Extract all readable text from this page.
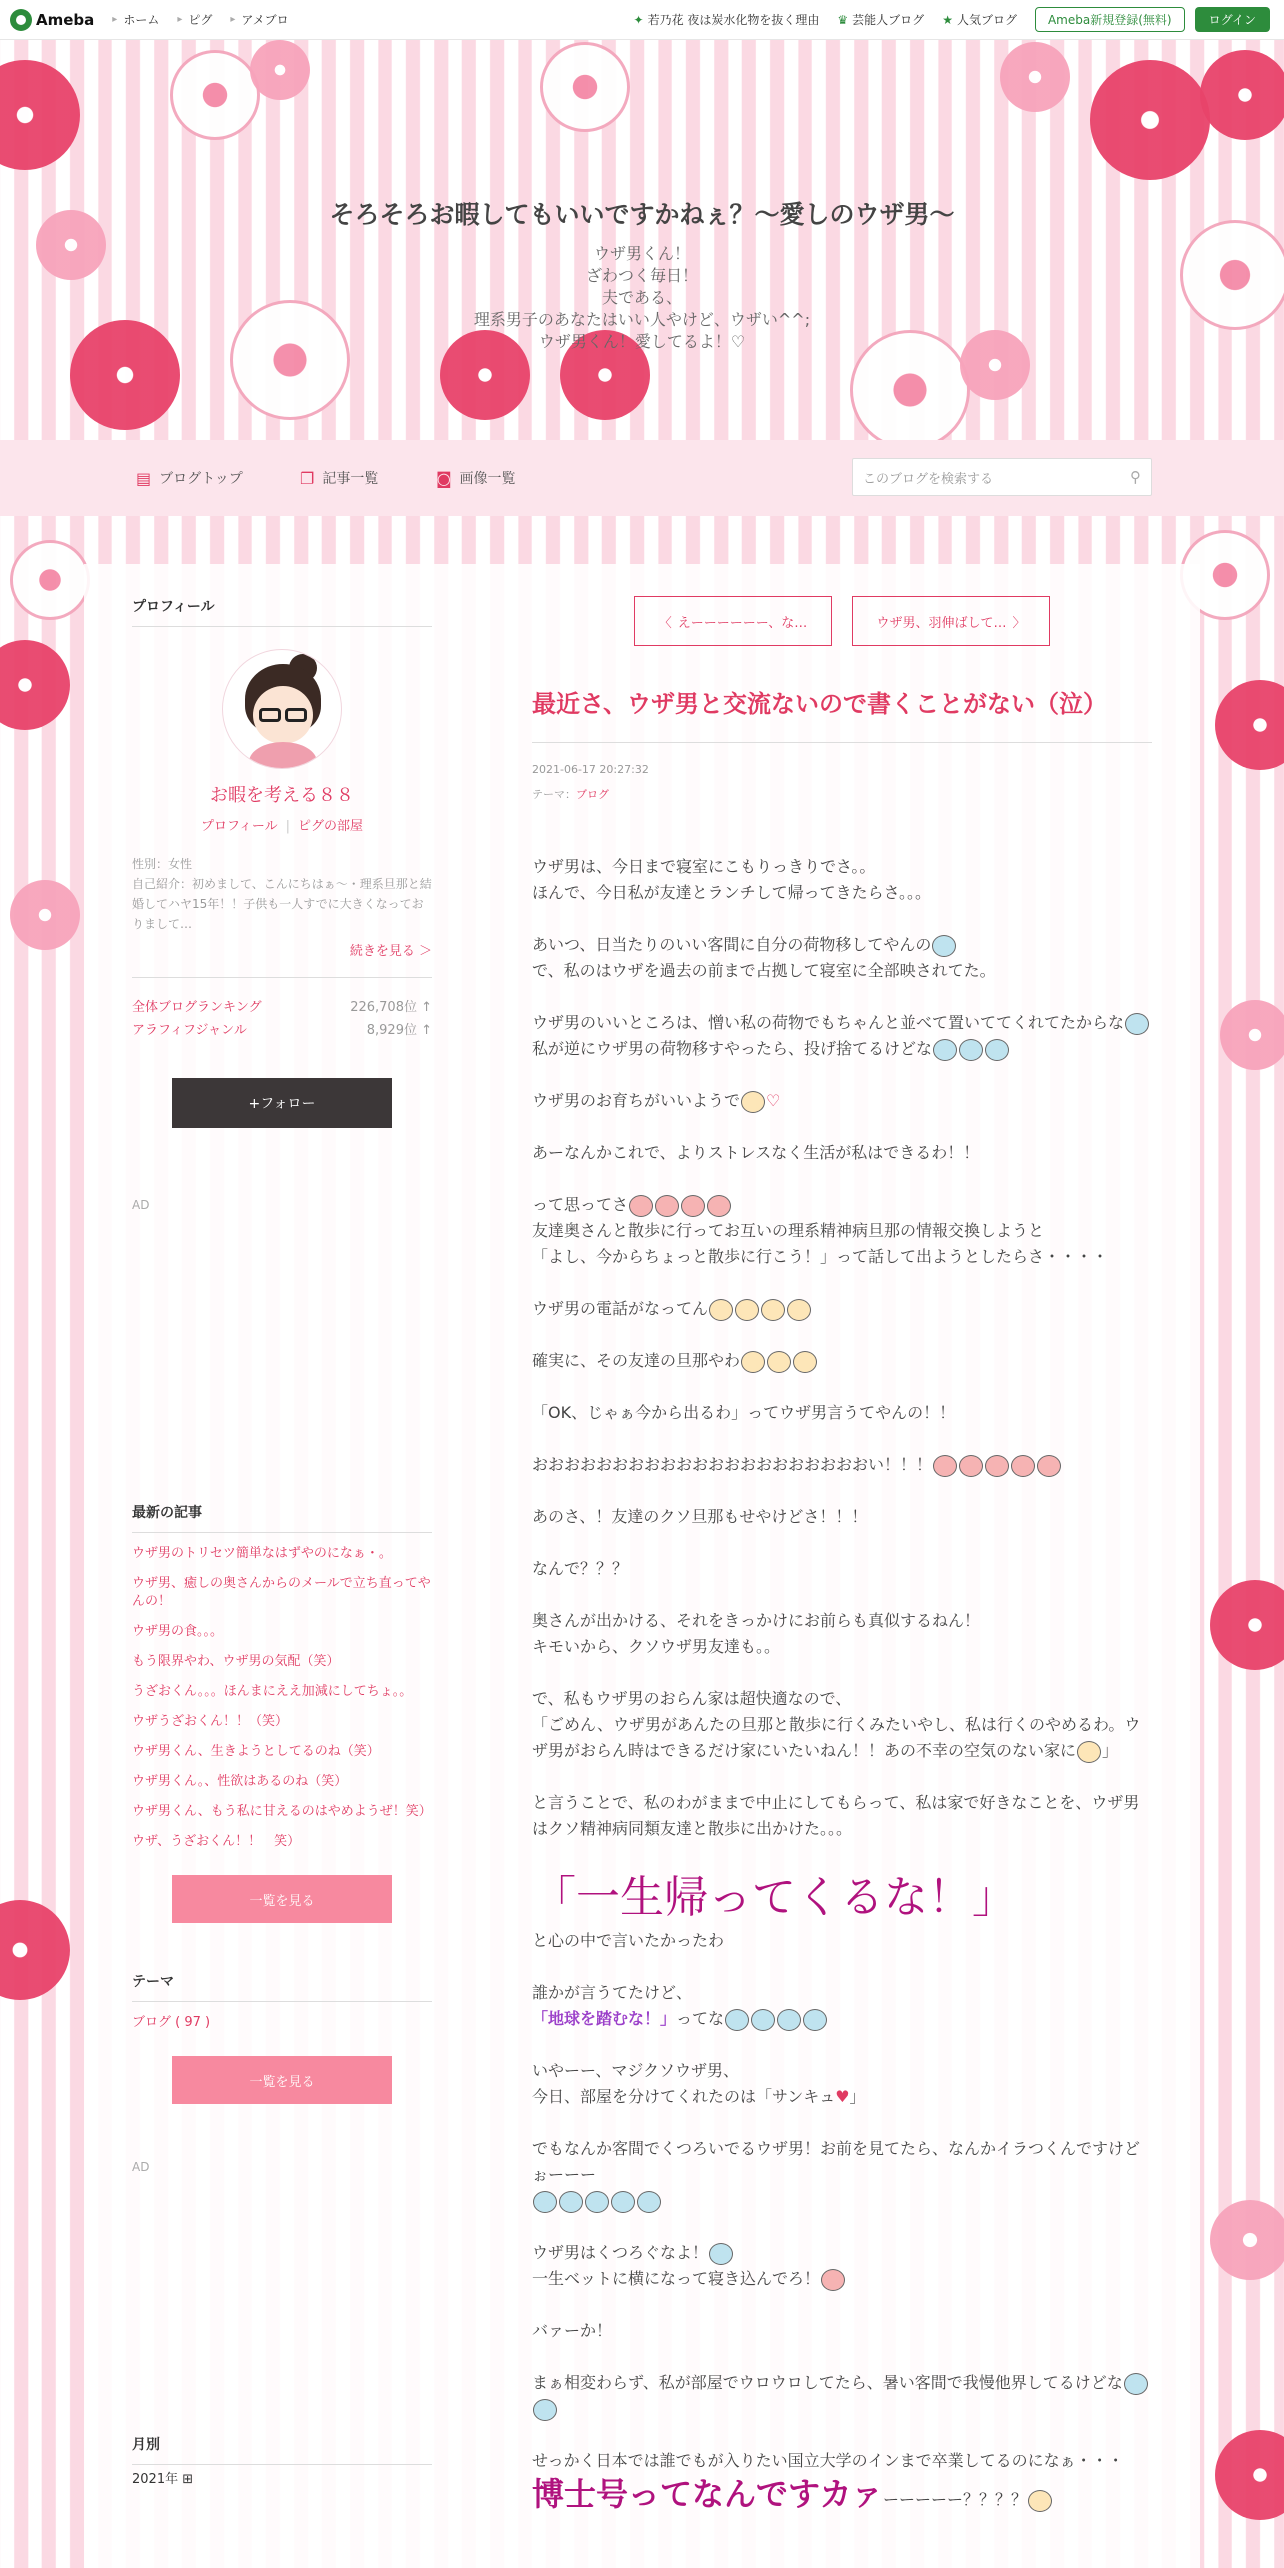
Ameba	▸ ホーム	▸ ピグ	▸ アメブロ	✦ 若乃花 夜は炭水化物を抜く理由 ♛ 芸能人ブログ ★ 人気ブログ	Ameba新規登録(無料)	ログイン
そろそろお暇してもいいですかねぇ？〜愛しのウザ男〜
ウザ男くん！
ざわつく毎日！
夫である、
理系男子のあなたはいい人やけど、ウザい^^;
ウザ男くん！愛してるよ！♡
▤ ブログトップ	❐ 記事一覧	◙ 画像一覧	このブログを検索する	⚲
プロフィール
お暇を考える８８
プロフィール | ピグの部屋
性別：女性
自己紹介：初めまして、こんにちはぁ〜・理系旦那と結婚してハヤ15年！！子供も一人すでに大きくなっておりまして…
続きを見る ＞
全体ブログランキング	226,708位 ↑
アラフィフジャンル	8,929位 ↑
+フォロー
AD
最新の記事
ウザ男のトリセツ簡単なはずやのになぁ・。
ウザ男、癒しの奥さんからのメールで立ち直ってやんの！
ウザ男の食。。。
もう限界やわ、ウザ男の気配（笑）
うざおくん。。。ほんまにええ加減にしてちょ。。
ウザうざおくん！！（笑）
ウザ男くん、生きようとしてるのね（笑）
ウザ男くん。、性欲はあるのね（笑）
ウザ男くん、もう私に甘えるのはやめようぜ！笑）
ウザ、うざおくん！！　笑）
一覧を見る
テーマ
ブログ ( 97 )
一覧を見る
AD
月別
2021年 ⊞
〈 えーーーーーー、な…	ウザ男、羽伸ばして… 〉
最近さ、ウザ男と交流ないので書くことがない（泣）
2021-06-17 20:27:32
テーマ：ブログ

ウザ男は、今日まで寝室にこもりっきりでさ。。
ほんで、今日私が友達とランチして帰ってきたらさ。。。

あいつ、日当たりのいい客間に自分の荷物移してやんの
で、私のはウザを過去の前まで占拠して寝室に全部映されてた。

ウザ男のいいところは、憎い私の荷物でもちゃんと並べて置いててくれてたからな
私が逆にウザ男の荷物移すやったら、投げ捨てるけどな

ウザ男のお育ちがいいようで ♡

あーなんかこれで、よりストレスなく生活が私はできるわ！！

って思ってさ
友達奥さんと散歩に行ってお互いの理系精神病旦那の情報交換しようと
「よし、今からちょっと散歩に行こう！」って話して出ようとしたらさ・・・・

ウザ男の電話がなってん

確実に、その友達の旦那やわ

「OK、じゃぁ今から出るわ」ってウザ男言うてやんの！！

おおおおおおおおおおおおおおおおおおおおおい！！！

あのさ、！友達のクソ旦那もせやけどさ！！！

なんで？？？

奥さんが出かける、それをきっかけにお前らも真似するねん！
キモいから、クソウザ男友達も。。

で、私もウザ男のおらん家は超快適なので、
「ごめん、ウザ男があんたの旦那と散歩に行くみたいやし、私は行くのやめるわ。ウザ男がおらん時はできるだけ家にいたいねん！！あの不幸の空気のない家に 」

と言うことで、私のわがままで中止にしてもらって、私は家で好きなことを、ウザ男はクソ精神病同類友達と散歩に出かけた。。。

「一生帰ってくるな！」

と心の中で言いたかったわ

誰かが言うてたけど、
「地球を踏むな！」ってな

いやーー、マジクソウザ男、
今日、部屋を分けてくれたのは「サンキュ♥」

でもなんか客間でくつろいでるウザ男！お前を見てたら、なんかイラつくんですけどぉーーー

ウザ男はくつろぐなよ！
一生ベットに横になって寝き込んでろ！

バァーか！

まぁ相変わらず、私が部屋でウロウロしてたら、暑い客間で我慢他界してるけどな

せっかく日本では誰でもが入りたい国立大学のインまで卒業してるのになぁ・・・
博士号ってなんですカァーーーーー？？？？
